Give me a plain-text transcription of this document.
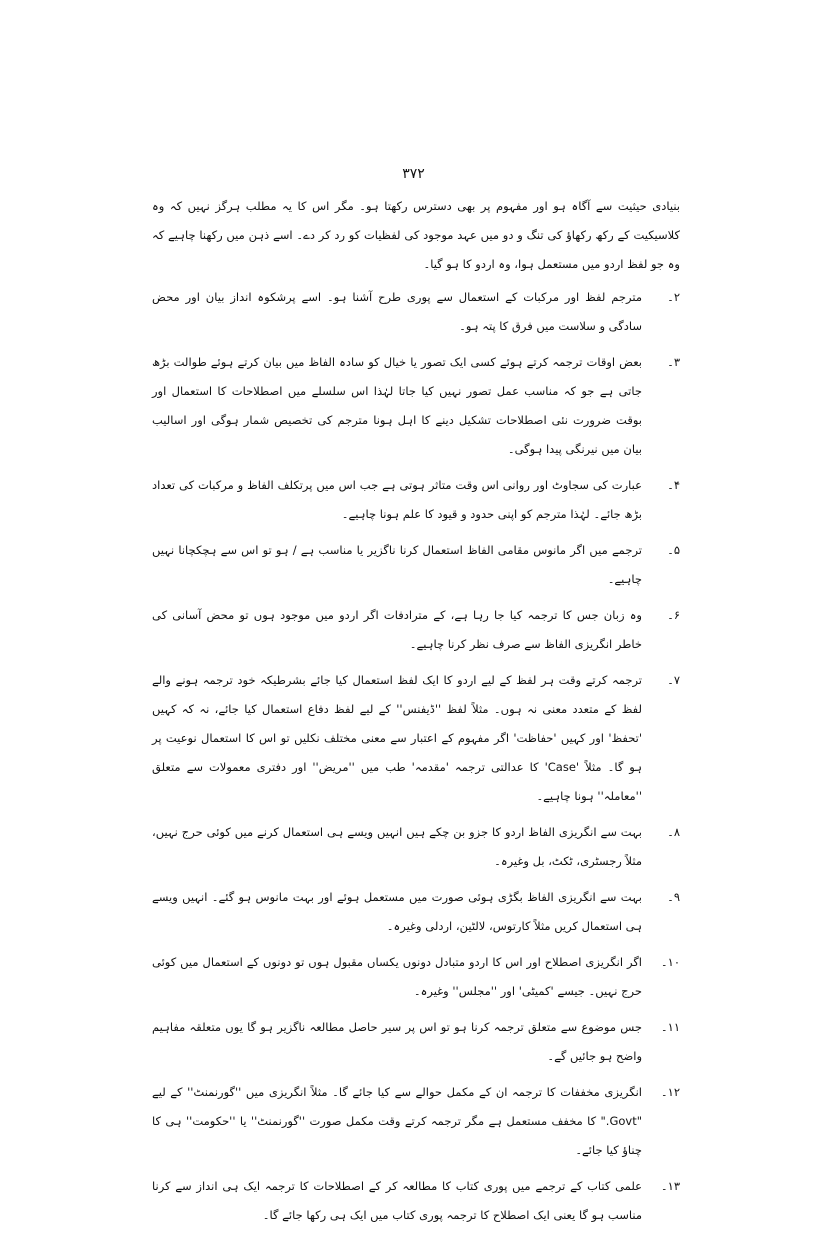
۳۷۲

بنیادی حیثیت سے آگاہ ہو اور مفہوم پر بھی دسترس رکھتا ہو۔ مگر اس کا یہ مطلب ہرگز نہیں کہ وہ کلاسیکیت کے رکھ رکھاؤ کی تنگ و دو میں عہد موجود کی لفظیات کو رد کر دے۔ اسے ذہن میں رکھنا چاہیے کہ وہ جو لفظ اردو میں مستعمل ہوا، وہ اردو کا ہو گیا۔

۲۔
مترجم لفظ اور مرکبات کے استعمال سے پوری طرح آشنا ہو۔ اسے پرشکوہ انداز بیان اور محض سادگی و سلاست میں فرق کا پتہ ہو۔
۳۔
بعض اوقات ترجمہ کرتے ہوئے کسی ایک تصور یا خیال کو سادہ الفاظ میں بیان کرتے ہوئے طوالت بڑھ جاتی ہے جو کہ مناسب عمل تصور نہیں کیا جاتا لہٰذا اس سلسلے میں اصطلاحات کا استعمال اور بوقت ضرورت نئی اصطلاحات تشکیل دینے کا اہل ہونا مترجم کی تخصیص شمار ہوگی اور اسالیب بیان میں نیرنگی پیدا ہوگی۔
۴۔
عبارت کی سجاوٹ اور روانی اس وقت متاثر ہوتی ہے جب اس میں پرتکلف الفاظ و مرکبات کی تعداد بڑھ جائے۔ لہٰذا مترجم کو اپنی حدود و قیود کا علم ہونا چاہیے۔
۵۔
ترجمے میں اگر مانوس مقامی الفاظ استعمال کرنا ناگزیر یا مناسب ہے / ہو تو اس سے ہچکچانا نہیں چاہیے۔
۶۔
وہ زبان جس کا ترجمہ کیا جا رہا ہے، کے مترادفات اگر اردو میں موجود ہوں تو محض آسانی کی خاطر انگریزی الفاظ سے صرف نظر کرنا چاہیے۔
۷۔
ترجمہ کرتے وقت ہر لفظ کے لیے اردو کا ایک لفظ استعمال کیا جائے بشرطیکہ خود ترجمہ ہونے والے لفظ کے متعدد معنی نہ ہوں۔ مثلاً لفظ ''ڈیفنس'' کے لیے لفظ دفاع استعمال کیا جائے، نہ کہ کہیں 'تحفظ' اور کہیں 'حفاظت' اگر مفہوم کے اعتبار سے معنی مختلف نکلیں تو اس کا استعمال نوعیت پر ہو گا۔ مثلاً 'Case' کا عدالتی ترجمہ 'مقدمہ' طب میں ''مریض'' اور دفتری معمولات سے متعلق ''معاملہ'' ہونا چاہیے۔
۸۔
بہت سے انگریزی الفاظ اردو کا جزو بن چکے ہیں انہیں ویسے ہی استعمال کرنے میں کوئی حرج نہیں، مثلاً رجسٹری، ٹکٹ، بل وغیرہ۔
۹۔
بہت سے انگریزی الفاظ بگڑی ہوئی صورت میں مستعمل ہوئے اور بہت مانوس ہو گئے۔ انہیں ویسے ہی استعمال کریں مثلاً کارتوس، لالٹین، اردلی وغیرہ۔
۱۰۔
اگر انگریزی اصطلاح اور اس کا اردو متبادل دونوں یکساں مقبول ہوں تو دونوں کے استعمال میں کوئی حرج نہیں۔ جیسے 'کمیٹی' اور ''مجلس'' وغیرہ۔
۱۱۔
جس موضوع سے متعلق ترجمہ کرنا ہو تو اس پر سیر حاصل مطالعہ ناگزیر ہو گا یوں متعلقہ مفاہیم واضح ہو جائیں گے۔
۱۲۔
انگریزی مخففات کا ترجمہ ان کے مکمل حوالے سے کیا جائے گا۔ مثلاً انگریزی میں ''گورنمنٹ'' کے لیے "Govt." کا مخفف مستعمل ہے مگر ترجمہ کرتے وقت مکمل صورت ''گورنمنٹ'' یا ''حکومت'' ہی کا چناؤ کیا جائے۔
۱۳۔
علمی کتاب کے ترجمے میں پوری کتاب کا مطالعہ کر کے اصطلاحات کا ترجمہ ایک ہی انداز سے کرنا مناسب ہو گا یعنی ایک اصطلاح کا ترجمہ پوری کتاب میں ایک ہی رکھا جائے گا۔
